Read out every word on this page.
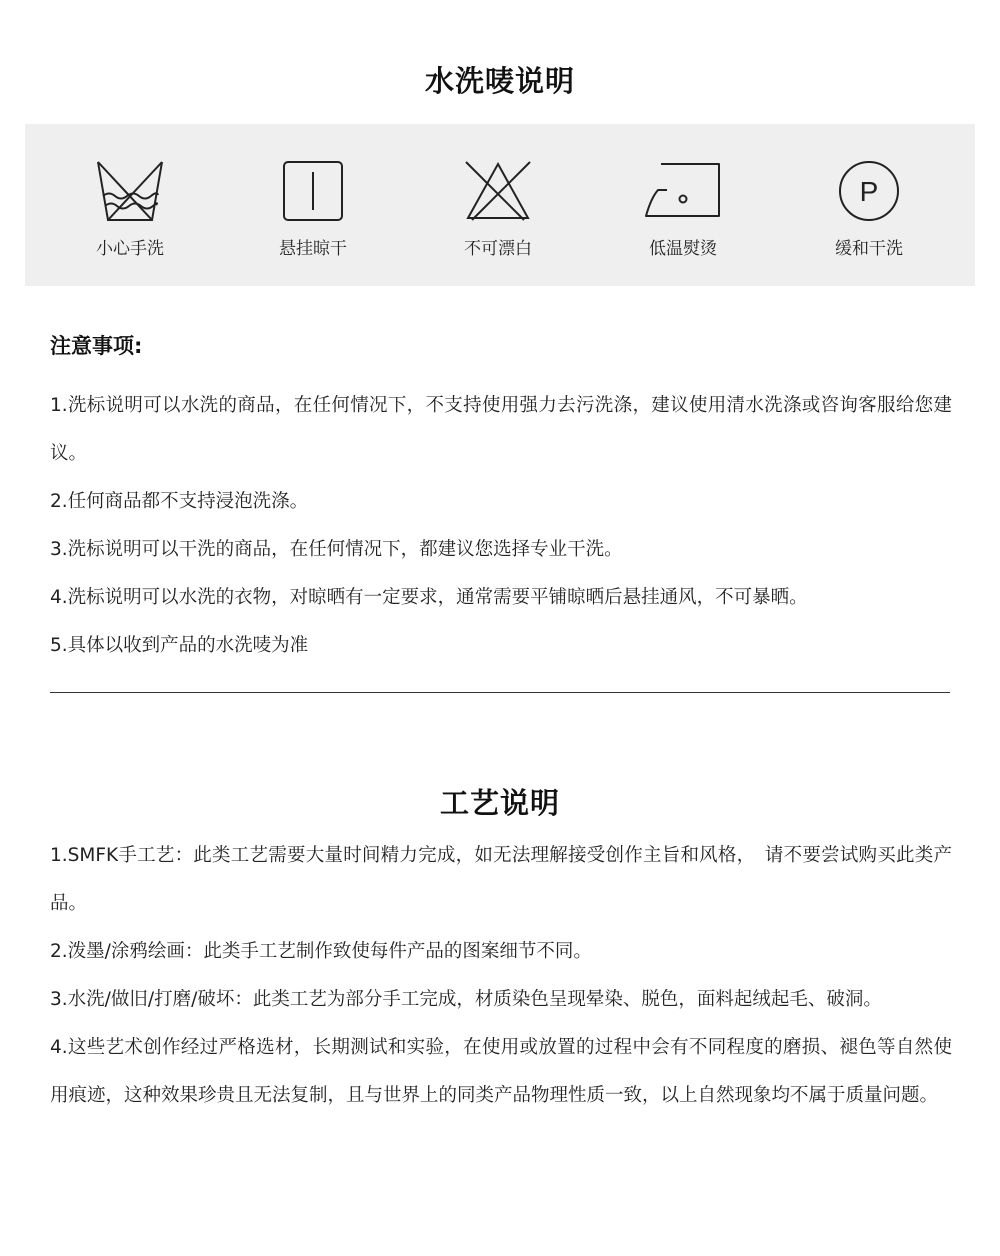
水洗唛说明
小心手洗	悬挂晾干	不可漂白	低温熨烫
P
缓和干洗
注意事项:

1.洗标说明可以水洗的商品，在任何情况下，不支持使用强力去污洗涤，建议使用清水洗涤或咨询客服给您建议。

2.任何商品都不支持浸泡洗涤。

3.洗标说明可以干洗的商品，在任何情况下，都建议您选择专业干洗。

4.洗标说明可以水洗的衣物，对晾晒有一定要求，通常需要平铺晾晒后悬挂通风，不可暴晒。

5.具体以收到产品的水洗唛为准

工艺说明

1.SMFK手工艺：此类工艺需要大量时间精力完成，如无法理解接受创作主旨和风格，　请不要尝试购买此类产品。

2.泼墨/涂鸦绘画：此类手工艺制作致使每件产品的图案细节不同。

3.水洗/做旧/打磨/破坏：此类工艺为部分手工完成，材质染色呈现晕染、脱色，面料起绒起毛、破洞。

4.这些艺术创作经过严格选材，长期测试和实验，在使用或放置的过程中会有不同程度的磨损、褪色等自然使用痕迹，这种效果珍贵且无法复制，且与世界上的同类产品物理性质一致，以上自然现象均不属于质量问题。
